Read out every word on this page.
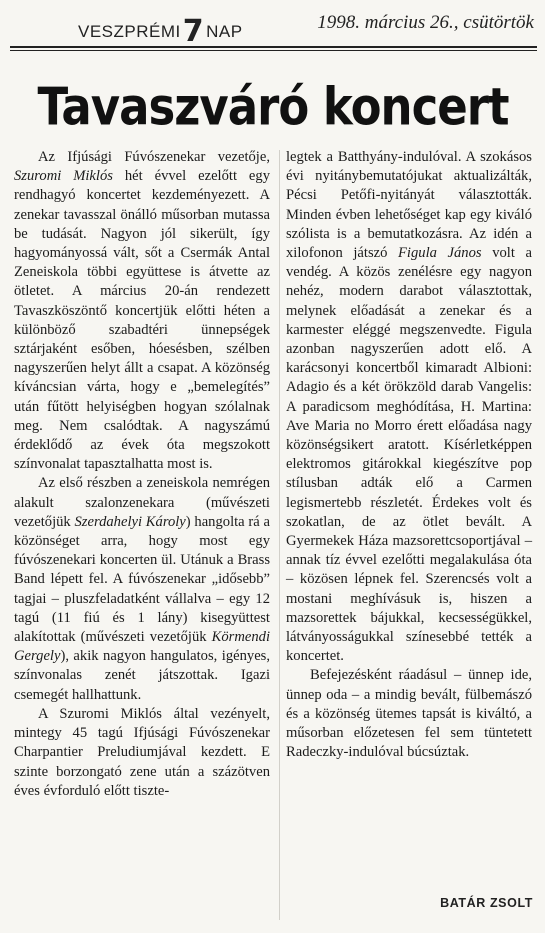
VESZPRÉMI7 NAP	1998. március 26., csütörtök
Tavaszváró koncert

Az Ifjúsági Fúvószenekar vezetője, Szuromi Miklós hét évvel ezelőtt egy rendhagyó koncertet kezdeményezett. A zenekar tavasszal önálló műsorban mutassa be tudását. Nagyon jól sikerült, így hagyományossá vált, sőt a Csermák Antal Zeneiskola többi együttese is átvette az ötletet. A március 20-án rendezett Tavaszköszöntő koncertjük előtti héten a különböző szabadtéri ünnepségek sztárjaként esőben, hóesésben, szélben nagyszerűen helyt állt a csapat. A közönség kíváncsian várta, hogy e „bemelegítés” után fűtött helyiségben hogyan szólalnak meg. Nem csalódtak. A nagyszámú érdeklődő az évek óta megszokott színvonalat tapasztalhatta most is.

Az első részben a zeneiskola nemrégen alakult szalonzenekara (művészeti vezetőjük Szerdahelyi Károly) hangolta rá a közönséget arra, hogy most egy fúvószenekari koncerten ül. Utánuk a Brass Band lépett fel. A fúvószenekar „idősebb” tagjai – pluszfeladatként vállalva – egy 12 tagú (11 fiú és 1 lány) kisegyüttest alakítottak (művészeti vezetőjük Körmendi Gergely), akik nagyon hangulatos, igényes, színvonalas zenét játszottak. Igazi csemegét hallhattunk.

A Szuromi Miklós által vezényelt, mintegy 45 tagú Ifjúsági Fúvószenekar Charpantier Preludiumjával kezdett. E szinte borzongató zene után a százötven éves évforduló előtt tiszte-

legtek a Batthyány-indulóval. A szokásos évi nyitánybemutatójukat aktualizálták, Pécsi Petőfi-nyitányát választották. Minden évben lehetőséget kap egy kiváló szólista is a bemutatkozásra. Az idén a xilofonon játszó Figula János volt a vendég. A közös zenélésre egy nagyon nehéz, modern darabot választottak, melynek előadását a zenekar és a karmester eléggé megszenvedte. Figula azonban nagyszerűen adott elő. A karácsonyi koncertből kimaradt Albioni: Adagio és a két örökzöld darab Vangelis: A paradicsom meghódítása, H. Martina: Ave Maria no Morro érett előadása nagy közönségsikert aratott. Kísérletképpen elektromos gitárokkal kiegészítve pop stílusban adták elő a Carmen legismertebb részletét. Érdekes volt és szokatlan, de az ötlet bevált. A Gyermekek Háza mazsorettcsoportjával – annak tíz évvel ezelőtti megalakulása óta – közösen lépnek fel. Szerencsés volt a mostani meghívásuk is, hiszen a mazsorettek bájukkal, kecsességükkel, látványosságukkal színesebbé tették a koncertet.

Befejezésként ráadásul – ünnep ide, ünnep oda – a mindig bevált, fülbemászó és a közönség ütemes tapsát is kiváltó, a műsorban előzetesen fel sem tüntetett Radeczky-indulóval búcsúztak.

BATÁR ZSOLT
